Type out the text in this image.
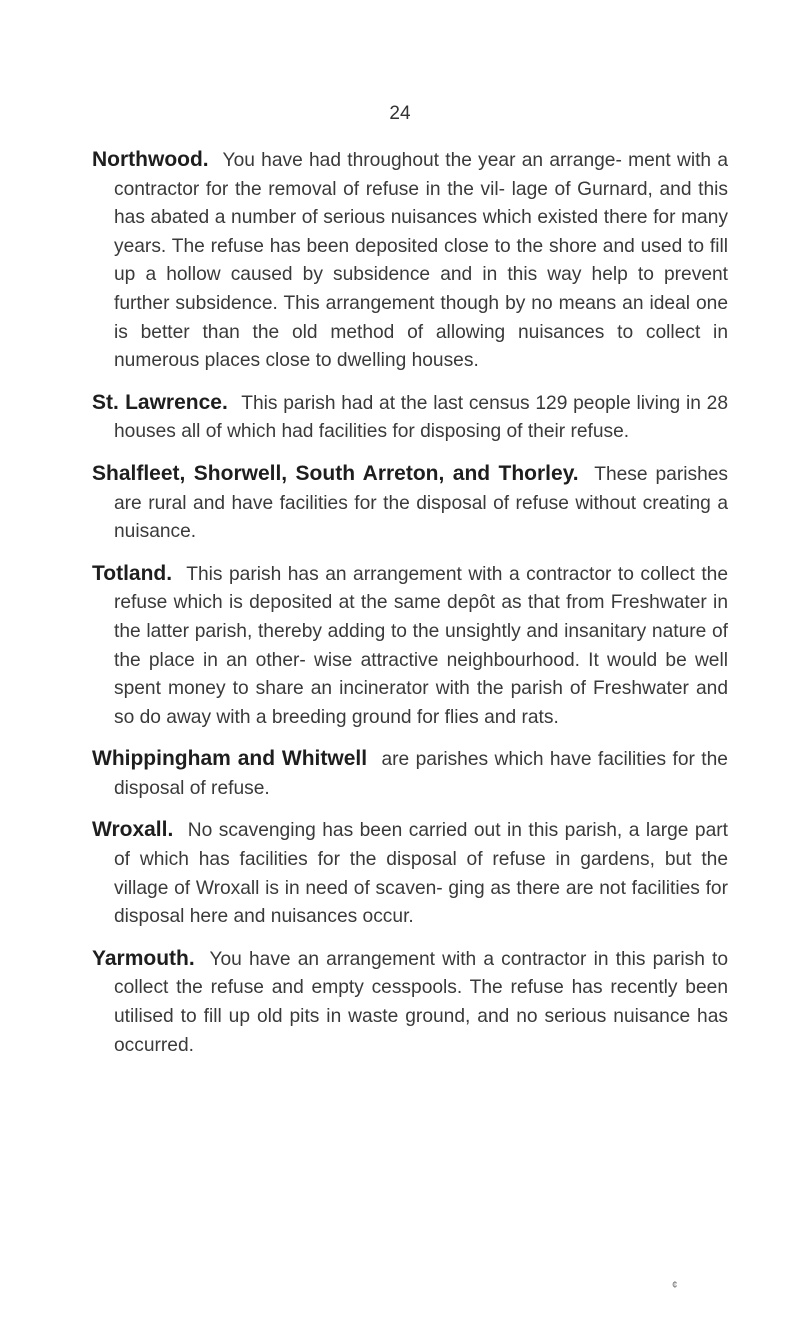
24

Northwood. You have had throughout the year an arrange- ment with a contractor for the removal of refuse in the vil- lage of Gurnard, and this has abated a number of serious nuisances which existed there for many years. The refuse has been deposited close to the shore and used to fill up a hollow caused by subsidence and in this way help to prevent further subsidence. This arrangement though by no means an ideal one is better than the old method of allowing nuisances to collect in numerous places close to dwelling houses.

St. Lawrence. This parish had at the last census 129 people living in 28 houses all of which had facilities for disposing of their refuse.

Shalfleet, Shorwell, South Arreton, and Thorley. These parishes are rural and have facilities for the disposal of refuse without creating a nuisance.

Totland. This parish has an arrangement with a contractor to collect the refuse which is deposited at the same depôt as that from Freshwater in the latter parish, thereby adding to the unsightly and insanitary nature of the place in an other- wise attractive neighbourhood. It would be well spent money to share an incinerator with the parish of Freshwater and so do away with a breeding ground for flies and rats.

Whippingham and Whitwell are parishes which have facilities for the disposal of refuse.

Wroxall. No scavenging has been carried out in this parish, a large part of which has facilities for the disposal of refuse in gardens, but the village of Wroxall is in need of scaven- ging as there are not facilities for disposal here and nuisances occur.

Yarmouth. You have an arrangement with a contractor in this parish to collect the refuse and empty cesspools. The refuse has recently been utilised to fill up old pits in waste ground, and no serious nuisance has occurred.

¢
